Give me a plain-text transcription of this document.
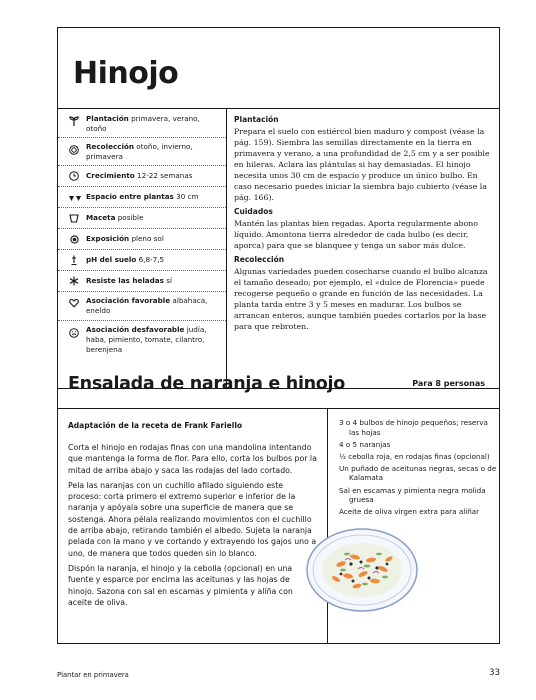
Hinojo
Plantación primavera, verano, otoño
Recolección otoño, invierno, primavera
Crecimiento 12-22 semanas
Espacio entre plantas 30 cm
Maceta posible
Exposición pleno sol
pH del suelo 6,8-7,5
Resiste las heladas sí
Asociación favorable albahaca, eneldo
Asociación desfavorable judía, haba, pimiento, tomate, cilantro, berenjena
Plantación

Prepara el suelo con estiércol bien maduro y compost (véase la pág. 159). Siembra las semillas directamente en la tierra en primavera y verano, a una profundidad de 2,5 cm y a ser posible en hileras. Aclara las plántulas si hay demasiadas. El hinojo necesita unos 30 cm de espacio y produce un único bulbo. En caso necesario puedes iniciar la siembra bajo cubierto (véase la pág. 166).

Cuidados

Mantén las plantas bien regadas. Aporta regularmente abono líquido. Amontona tierra alrededor de cada bulbo (es decir, aporca) para que se blanquee y tenga un sabor más dulce.

Recolección

Algunas variedades pueden cosecharse cuando el bulbo alcanza el tamaño deseado; por ejemplo, el «dulce de Florencia» puede recogerse pequeño o grande en función de las necesidades. La planta tarda entre 3 y 5 meses en madurar. Los bulbos se arrancan enteros, aunque también puedes cortarlos por la base para que rebroten.

Ensalada de naranja e hinojo	Para 8 personas
Adaptación de la receta de Frank Fariello

Corta el hinojo en rodajas finas con una mandolina intentando que mantenga la forma de flor. Para ello, corta los bulbos por la mitad de arriba abajo y saca las rodajas del lado cortado.

Pela las naranjas con un cuchillo afilado siguiendo este proceso: corta primero el extremo superior e inferior de la naranja y apóyala sobre una superficie de manera que se sostenga. Ahora pélala realizando movimientos con el cuchillo de arriba abajo, retirando también el albedo. Sujeta la naranja pelada con la mano y ve cortando y extrayendo los gajos uno a uno, de manera que todos queden sin lo blanco.

Dispón la naranja, el hinojo y la cebolla (opcional) en una fuente y esparce por encima las aceitunas y las hojas de hinojo. Sazona con sal en escamas y pimienta y alíña con aceite de oliva.

3 o 4 bulbos de hinojo pequeños; reserva las hojas
4 o 5 naranjas
½ cebolla roja, en rodajas finas (opcional)
Un puñado de aceitunas negras, secas o de Kalamata
Sal en escamas y pimienta negra molida gruesa
Aceite de oliva virgen extra para aliñar
Plantar en primavera	33
